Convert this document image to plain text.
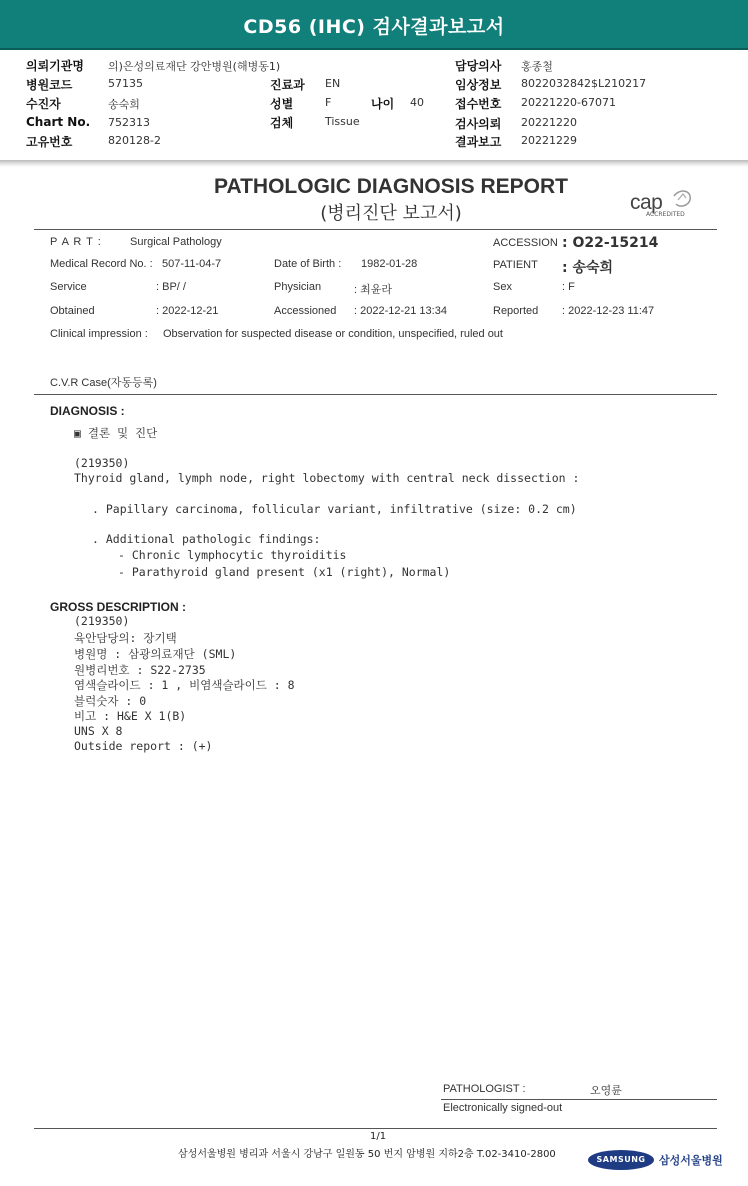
CD56 (IHC) 검사결과보고서
의뢰기관명 의)은성의료재단 강안병원(해병동1)
병원코드	57135
수진자	송숙희
Chart No. 752313
고유번호	820128-2
진료과 EN
성별	F	나이 40
검체	Tissue
담당의사 홍종철
임상정보 8022032842$L210217
접수번호 20221220-67071
검사의뢰 20221220
결과보고 20221229
PATHOLOGIC DIAGNOSIS REPORT
(병리진단 보고서)	cap
ACCREDITED
P A R T :	Surgical Pathology	ACCESSION : O22-15214
Medical Record No. : 507-11-04-7	Date of Birth : 1982-01-28	PATIENT : 송숙희
Service	: BP/ /	Physician	: 최윤라	Sex	: F
Obtained	: 2022-12-21	Accessioned : 2022-12-21 13:34	Reported : 2022-12-23 11:47
Clinical impression : Observation for suspected disease or condition, unspecified, ruled out
C.V.R Case(자동등록)
DIAGNOSIS :
▣ 결론 및 진단
(219350)
Thyroid gland, lymph node, right lobectomy with central neck dissection :
. Papillary carcinoma, follicular variant, infiltrative (size: 0.2 cm)
. Additional pathologic findings:
- Chronic lymphocytic thyroiditis
- Parathyroid gland present (x1 (right), Normal)
GROSS DESCRIPTION :
(219350)
육안담당의: 장기택
병원명 : 삼광의료재단 (SML)
원병리번호 : S22-2735
염색슬라이드 : 1 , 비염색슬라이드 : 8
블럭숫자 : 0
비고 : H&E X 1(B)
UNS X 8
Outside report : (+)
PATHOLOGIST :	오영륜
Electronically signed-out
1/1
삼성서울병원 병리과 서울시 강남구 일원동 50 번지 암병원 지하2층 T.02-3410-2800	SAMSUNG	삼성서울병원
